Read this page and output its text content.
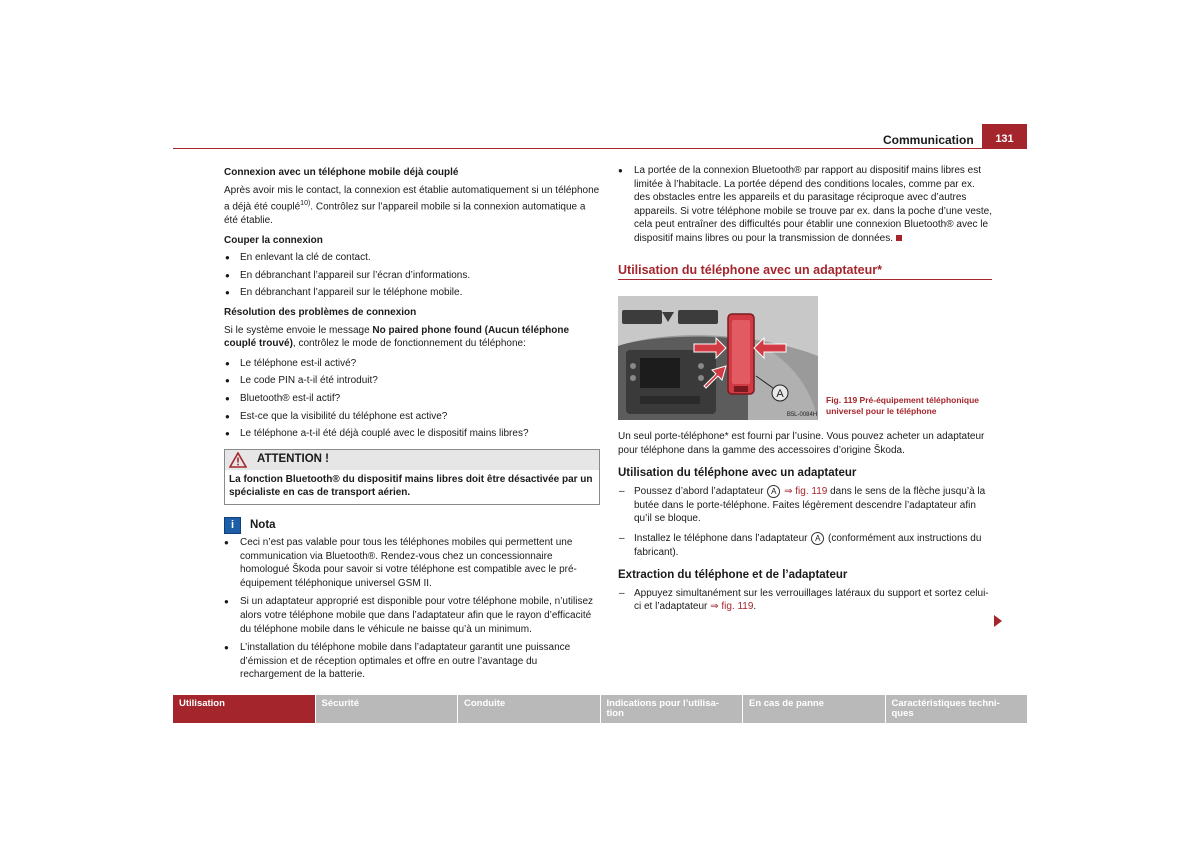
Communication	131

Connexion avec un téléphone mobile déjà couplé

Après avoir mis le contact, la connexion est établie automatiquement si un téléphone a déjà été couplé$^{10)}$. Contrôlez sur l’appareil mobile si la connexion automatique a été établie.

Couper la connexion

● En enlevant la clé de contact.
● En débranchant l’appareil sur l’écran d’informations.
● En débranchant l’appareil sur le téléphone mobile.

Résolution des problèmes de connexion

Si le système envoie le message No paired phone found (Aucun téléphone couplé trouvé), contrôlez le mode de fonctionnement du téléphone:

● Le téléphone est-il activé?
● Le code PIN a-t-il été introduit?
● Bluetooth® est-il actif?
● Est-ce que la visibilité du téléphone est active?
● Le téléphone a-t-il été déjà couplé avec le dispositif mains libres?
ATTENTION !
La fonction Bluetooth® du dispositif mains libres doit être désactivée par un spécialiste en cas de transport aérien.
i	Nota

● Ceci n’est pas valable pour tous les téléphones mobiles qui permettent une communication via Bluetooth®. Rendez-vous chez un concessionnaire homologué Škoda pour savoir si votre téléphone est compatible avec le pré-équipement téléphonique universel GSM II.

● Si un adaptateur approprié est disponible pour votre téléphone mobile, n’utilisez alors votre téléphone mobile que dans l’adaptateur afin que le rayon d’efficacité du téléphone mobile dans le véhicule ne baisse qu’à un minimum.

● L’installation du téléphone mobile dans l’adaptateur garantit une puissance d’émission et de réception optimales et offre en outre l’avantage du rechargement de la batterie.

● La portée de la connexion Bluetooth® par rapport au dispositif mains libres est limitée à l’habitacle. La portée dépend des conditions locales, comme par ex. des obstacles entre les appareils et du parasitage réciproque avec d’autres appareils. Si votre téléphone mobile se trouve par ex. dans la poche d’une veste, cela peut entraîner des difficultés pour établir une connexion Bluetooth® avec le dispositif mains libres ou pour la transmission de données.

Utilisation du téléphone avec un adaptateur*
A
B5L-0084H
Fig. 119 Pré-équipement téléphonique universel pour le téléphone

Un seul porte-téléphone* est fourni par l’usine. Vous pouvez acheter un adaptateur pour téléphone dans la gamme des accessoires d’origine Škoda.

Utilisation du téléphone avec un adaptateur
– Poussez d’abord l’adaptateur A ⇒ fig. 119 dans le sens de la flèche jusqu’à la butée dans le porte-téléphone. Faites légèrement descendre l’adaptateur afin qu’il se bloque.
– Installez le téléphone dans l’adaptateur A (conformément aux instructions du fabricant).
Extraction du téléphone et de l’adaptateur
– Appuyez simultanément sur les verrouillages latéraux du support et sortez celui-ci et l’adaptateur ⇒ fig. 119.
Utilisation	Sécurité	Conduite	Indications pour l’utilisa- tion
En cas de panne	Caractéristiques techni- ques
